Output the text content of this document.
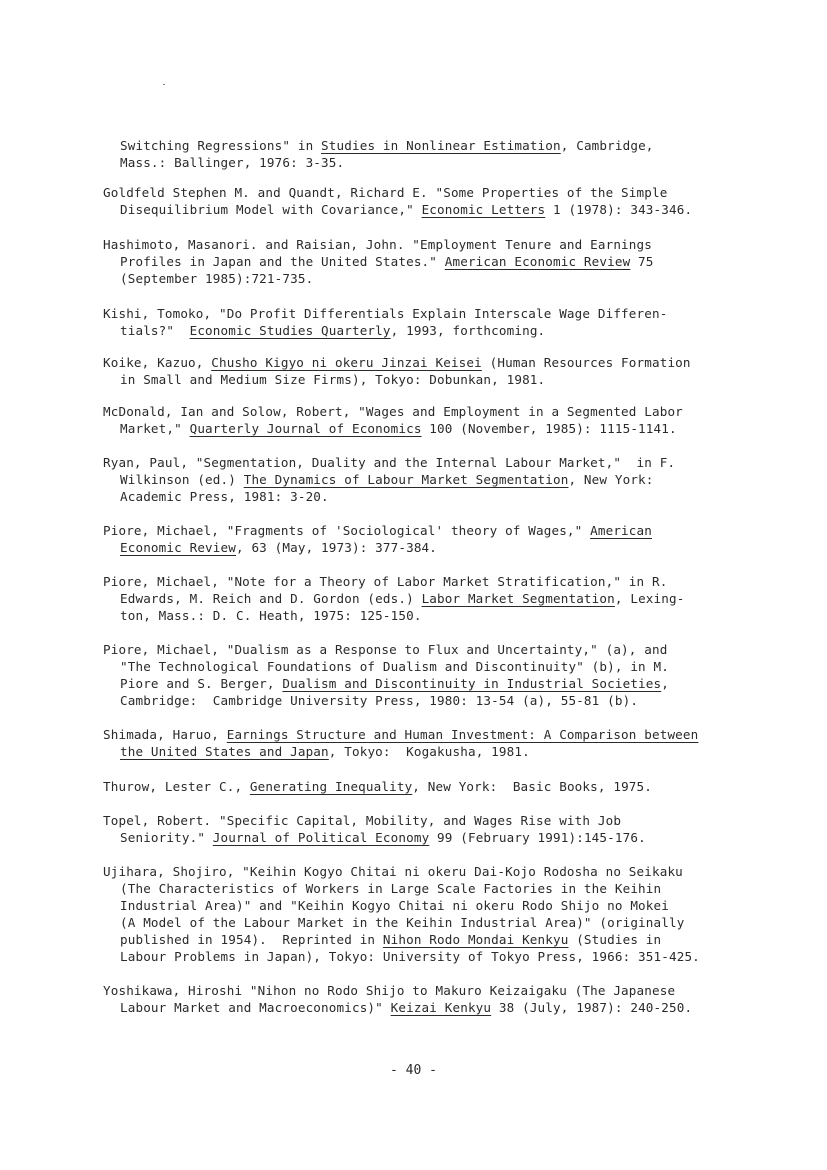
Switching Regressions" in Studies in Nonlinear Estimation, Cambridge,
Mass.: Ballinger, 1976: 3-35.
Goldfeld Stephen M. and Quandt, Richard E. "Some Properties of the Simple
Disequilibrium Model with Covariance," Economic Letters 1 (1978): 343-346.
Hashimoto, Masanori. and Raisian, John. "Employment Tenure and Earnings
Profiles in Japan and the United States." American Economic Review 75
(September 1985):721-735.
Kishi, Tomoko, "Do Profit Differentials Explain Interscale Wage Differen-
tials?"  Economic Studies Quarterly, 1993, forthcoming.
Koike, Kazuo, Chusho Kigyo ni okeru Jinzai Keisei (Human Resources Formation
in Small and Medium Size Firms), Tokyo: Dobunkan, 1981.
McDonald, Ian and Solow, Robert, "Wages and Employment in a Segmented Labor
Market," Quarterly Journal of Economics 100 (November, 1985): 1115-1141.
Ryan, Paul, "Segmentation, Duality and the Internal Labour Market,"  in F.
Wilkinson (ed.) The Dynamics of Labour Market Segmentation, New York:
Academic Press, 1981: 3-20.
Piore, Michael, "Fragments of 'Sociological' theory of Wages," American
Economic Review, 63 (May, 1973): 377-384.
Piore, Michael, "Note for a Theory of Labor Market Stratification," in R.
Edwards, M. Reich and D. Gordon (eds.) Labor Market Segmentation, Lexing-
ton, Mass.: D. C. Heath, 1975: 125-150.
Piore, Michael, "Dualism as a Response to Flux and Uncertainty," (a), and
"The Technological Foundations of Dualism and Discontinuity" (b), in M.
Piore and S. Berger, Dualism and Discontinuity in Industrial Societies,
Cambridge:  Cambridge University Press, 1980: 13-54 (a), 55-81 (b).
Shimada, Haruo, Earnings Structure and Human Investment: A Comparison between
the United States and Japan, Tokyo:  Kogakusha, 1981.
Thurow, Lester C., Generating Inequality, New York:  Basic Books, 1975.
Topel, Robert. "Specific Capital, Mobility, and Wages Rise with Job
Seniority." Journal of Political Economy 99 (February 1991):145-176.
Ujihara, Shojiro, "Keihin Kogyo Chitai ni okeru Dai-Kojo Rodosha no Seikaku
(The Characteristics of Workers in Large Scale Factories in the Keihin
Industrial Area)" and "Keihin Kogyo Chitai ni okeru Rodo Shijo no Mokei
(A Model of the Labour Market in the Keihin Industrial Area)" (originally
published in 1954).  Reprinted in Nihon Rodo Mondai Kenkyu (Studies in
Labour Problems in Japan), Tokyo: University of Tokyo Press, 1966: 351-425.
Yoshikawa, Hiroshi "Nihon no Rodo Shijo to Makuro Keizaigaku (The Japanese
Labour Market and Macroeconomics)" Keizai Kenkyu 38 (July, 1987): 240-250.
- 40 -
